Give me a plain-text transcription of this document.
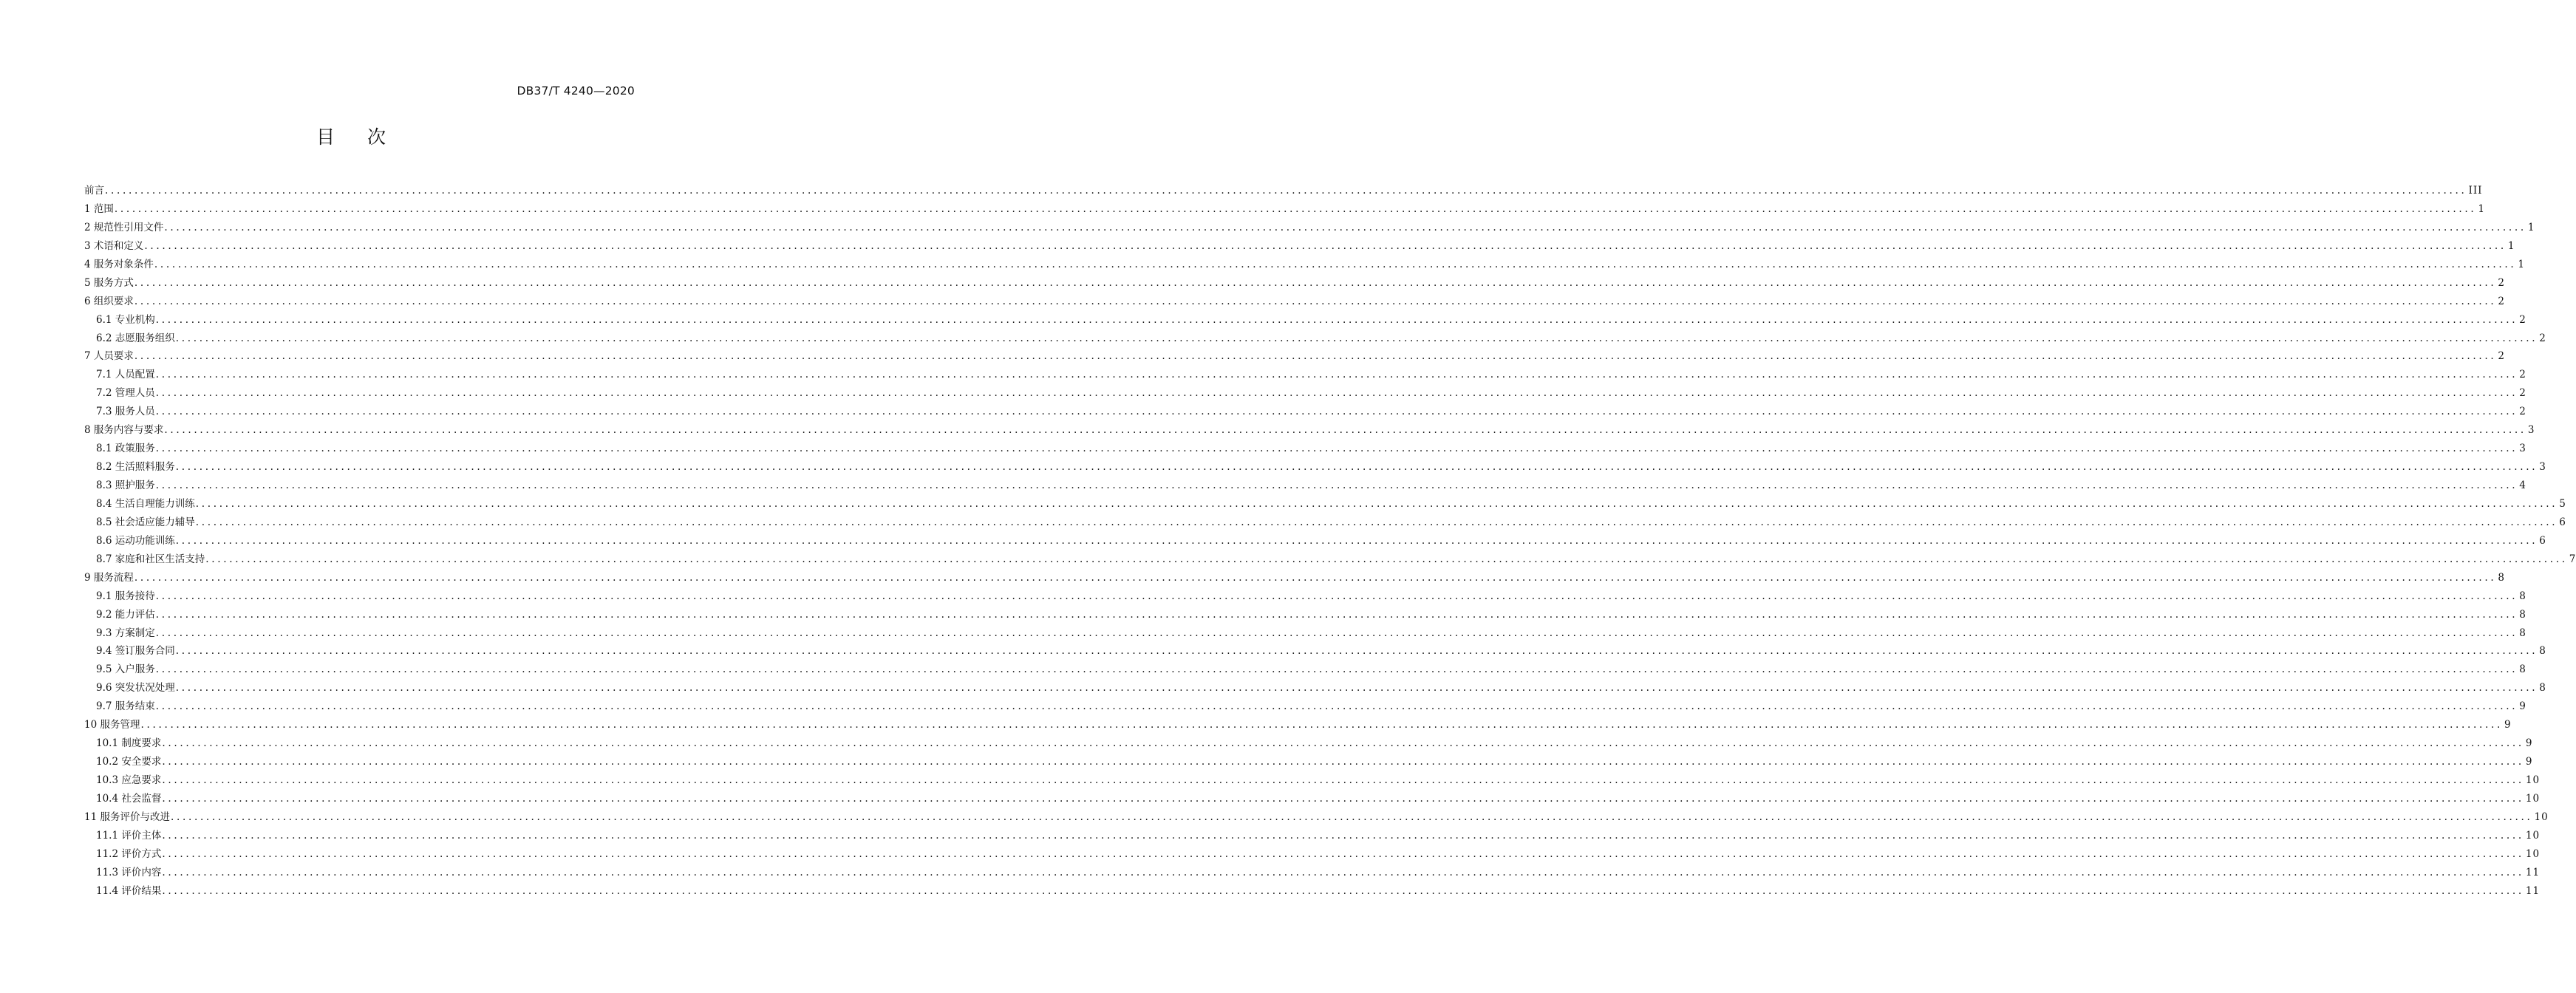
DB37/T 4240—2020
目 次
前言 ................................................................................................................................................................................................................................................................................................................................................................................................................ III
1 范围 ................................................................................................................................................................................................................................................................................................................................................................................................................ 1
2 规范性引用文件 ................................................................................................................................................................................................................................................................................................................................................................................................................ 1
3 术语和定义 ................................................................................................................................................................................................................................................................................................................................................................................................................ 1
4 服务对象条件 ................................................................................................................................................................................................................................................................................................................................................................................................................ 1
5 服务方式 ................................................................................................................................................................................................................................................................................................................................................................................................................ 2
6 组织要求 ................................................................................................................................................................................................................................................................................................................................................................................................................ 2
6.1 专业机构 ................................................................................................................................................................................................................................................................................................................................................................................................................ 2
6.2 志愿服务组织 ................................................................................................................................................................................................................................................................................................................................................................................................................ 2
7 人员要求 ................................................................................................................................................................................................................................................................................................................................................................................................................ 2
7.1 人员配置 ................................................................................................................................................................................................................................................................................................................................................................................................................ 2
7.2 管理人员 ................................................................................................................................................................................................................................................................................................................................................................................................................ 2
7.3 服务人员 ................................................................................................................................................................................................................................................................................................................................................................................................................ 2
8 服务内容与要求 ................................................................................................................................................................................................................................................................................................................................................................................................................ 3
8.1 政策服务 ................................................................................................................................................................................................................................................................................................................................................................................................................ 3
8.2 生活照料服务 ................................................................................................................................................................................................................................................................................................................................................................................................................ 3
8.3 照护服务 ................................................................................................................................................................................................................................................................................................................................................................................................................ 4
8.4 生活自理能力训练 ................................................................................................................................................................................................................................................................................................................................................................................................................ 5
8.5 社会适应能力辅导 ................................................................................................................................................................................................................................................................................................................................................................................................................ 6
8.6 运动功能训练 ................................................................................................................................................................................................................................................................................................................................................................................................................ 6
8.7 家庭和社区生活支持 ................................................................................................................................................................................................................................................................................................................................................................................................................ 7
9 服务流程 ................................................................................................................................................................................................................................................................................................................................................................................................................ 8
9.1 服务接待 ................................................................................................................................................................................................................................................................................................................................................................................................................ 8
9.2 能力评估 ................................................................................................................................................................................................................................................................................................................................................................................................................ 8
9.3 方案制定 ................................................................................................................................................................................................................................................................................................................................................................................................................ 8
9.4 签订服务合同 ................................................................................................................................................................................................................................................................................................................................................................................................................ 8
9.5 入户服务 ................................................................................................................................................................................................................................................................................................................................................................................................................ 8
9.6 突发状况处理 ................................................................................................................................................................................................................................................................................................................................................................................................................ 8
9.7 服务结束 ................................................................................................................................................................................................................................................................................................................................................................................................................ 9
10 服务管理 ................................................................................................................................................................................................................................................................................................................................................................................................................ 9
10.1 制度要求 ................................................................................................................................................................................................................................................................................................................................................................................................................ 9
10.2 安全要求 ................................................................................................................................................................................................................................................................................................................................................................................................................ 9
10.3 应急要求 ................................................................................................................................................................................................................................................................................................................................................................................................................ 10
10.4 社会监督 ................................................................................................................................................................................................................................................................................................................................................................................................................ 10
11 服务评价与改进 ................................................................................................................................................................................................................................................................................................................................................................................................................ 10
11.1 评价主体 ................................................................................................................................................................................................................................................................................................................................................................................................................ 10
11.2 评价方式 ................................................................................................................................................................................................................................................................................................................................................................................................................ 10
11.3 评价内容 ................................................................................................................................................................................................................................................................................................................................................................................................................ 11
11.4 评价结果 ................................................................................................................................................................................................................................................................................................................................................................................................................ 11
